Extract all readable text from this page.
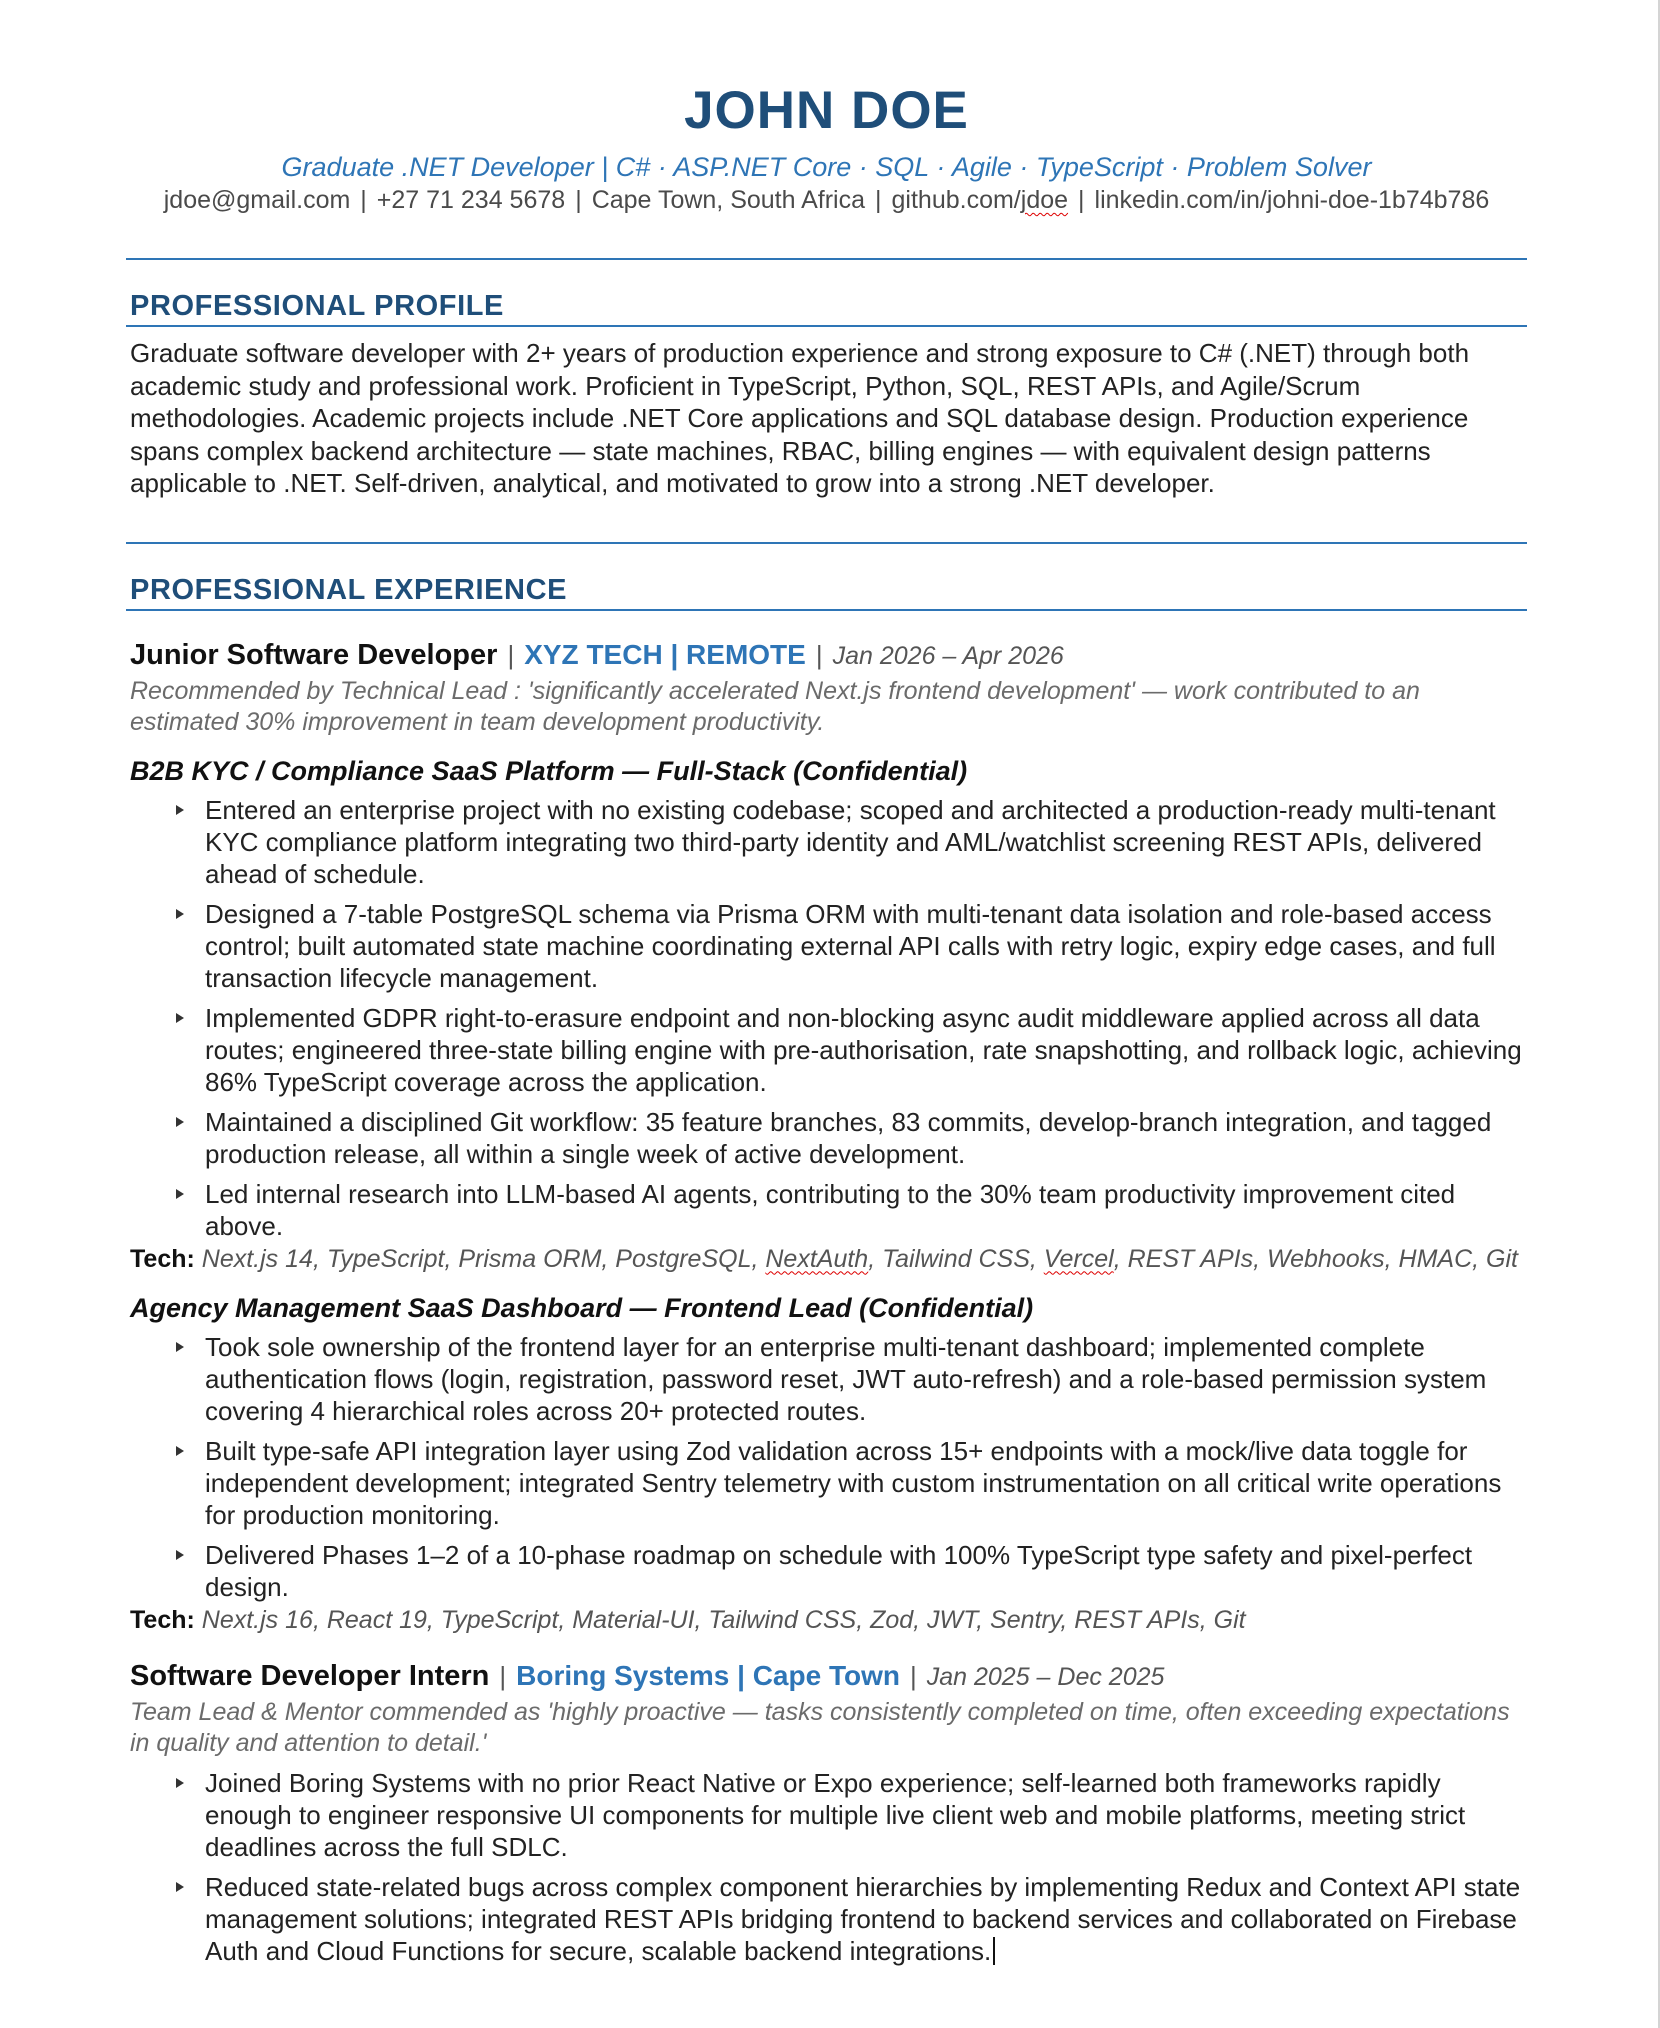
JOHN DOE
Graduate .NET Developer | C# · ASP.NET Core · SQL · Agile · TypeScript · Problem Solver
jdoe@gmail.com | +27 71 234 5678 | Cape Town, South Africa | github.com/jdoe | linkedin.com/in/johni-doe-1b74b786
PROFESSIONAL PROFILE
Graduate software developer with 2+ years of production experience and strong exposure to C# (.NET) through both academic study and professional work. Proficient in TypeScript, Python, SQL, REST APIs, and Agile/Scrum methodologies. Academic projects include .NET Core applications and SQL database design. Production experience spans complex backend architecture — state machines, RBAC, billing engines — with equivalent design patterns applicable to .NET. Self-driven, analytical, and motivated to grow into a strong .NET developer.
PROFESSIONAL EXPERIENCE
Junior Software Developer | XYZ TECH | REMOTE | Jan 2026 – Apr 2026
Recommended by Technical Lead : 'significantly accelerated Next.js frontend development' — work contributed to an estimated 30% improvement in team development productivity.
B2B KYC / Compliance SaaS Platform — Full-Stack (Confidential)
Entered an enterprise project with no existing codebase; scoped and architected a production-ready multi-tenant KYC compliance platform integrating two third-party identity and AML/watchlist screening REST APIs, delivered ahead of schedule.
Designed a 7-table PostgreSQL schema via Prisma ORM with multi-tenant data isolation and role-based access control; built automated state machine coordinating external API calls with retry logic, expiry edge cases, and full transaction lifecycle management.
Implemented GDPR right-to-erasure endpoint and non-blocking async audit middleware applied across all data routes; engineered three-state billing engine with pre-authorisation, rate snapshotting, and rollback logic, achieving 86% TypeScript coverage across the application.
Maintained a disciplined Git workflow: 35 feature branches, 83 commits, develop-branch integration, and tagged production release, all within a single week of active development.
Led internal research into LLM-based AI agents, contributing to the 30% team productivity improvement cited above.
Tech: Next.js 14, TypeScript, Prisma ORM, PostgreSQL, NextAuth, Tailwind CSS, Vercel, REST APIs, Webhooks, HMAC, Git
Agency Management SaaS Dashboard — Frontend Lead (Confidential)
Took sole ownership of the frontend layer for an enterprise multi-tenant dashboard; implemented complete authentication flows (login, registration, password reset, JWT auto-refresh) and a role-based permission system covering 4 hierarchical roles across 20+ protected routes.
Built type-safe API integration layer using Zod validation across 15+ endpoints with a mock/live data toggle for independent development; integrated Sentry telemetry with custom instrumentation on all critical write operations for production monitoring.
Delivered Phases 1–2 of a 10-phase roadmap on schedule with 100% TypeScript type safety and pixel-perfect design.
Tech: Next.js 16, React 19, TypeScript, Material-UI, Tailwind CSS, Zod, JWT, Sentry, REST APIs, Git
Software Developer Intern | Boring Systems | Cape Town | Jan 2025 – Dec 2025
Team Lead & Mentor commended as 'highly proactive — tasks consistently completed on time, often exceeding expectations in quality and attention to detail.'
Joined Boring Systems with no prior React Native or Expo experience; self-learned both frameworks rapidly enough to engineer responsive UI components for multiple live client web and mobile platforms, meeting strict deadlines across the full SDLC.
Reduced state-related bugs across complex component hierarchies by implementing Redux and Context API state management solutions; integrated REST APIs bridging frontend to backend services and collaborated on Firebase Auth and Cloud Functions for secure, scalable backend integrations.
